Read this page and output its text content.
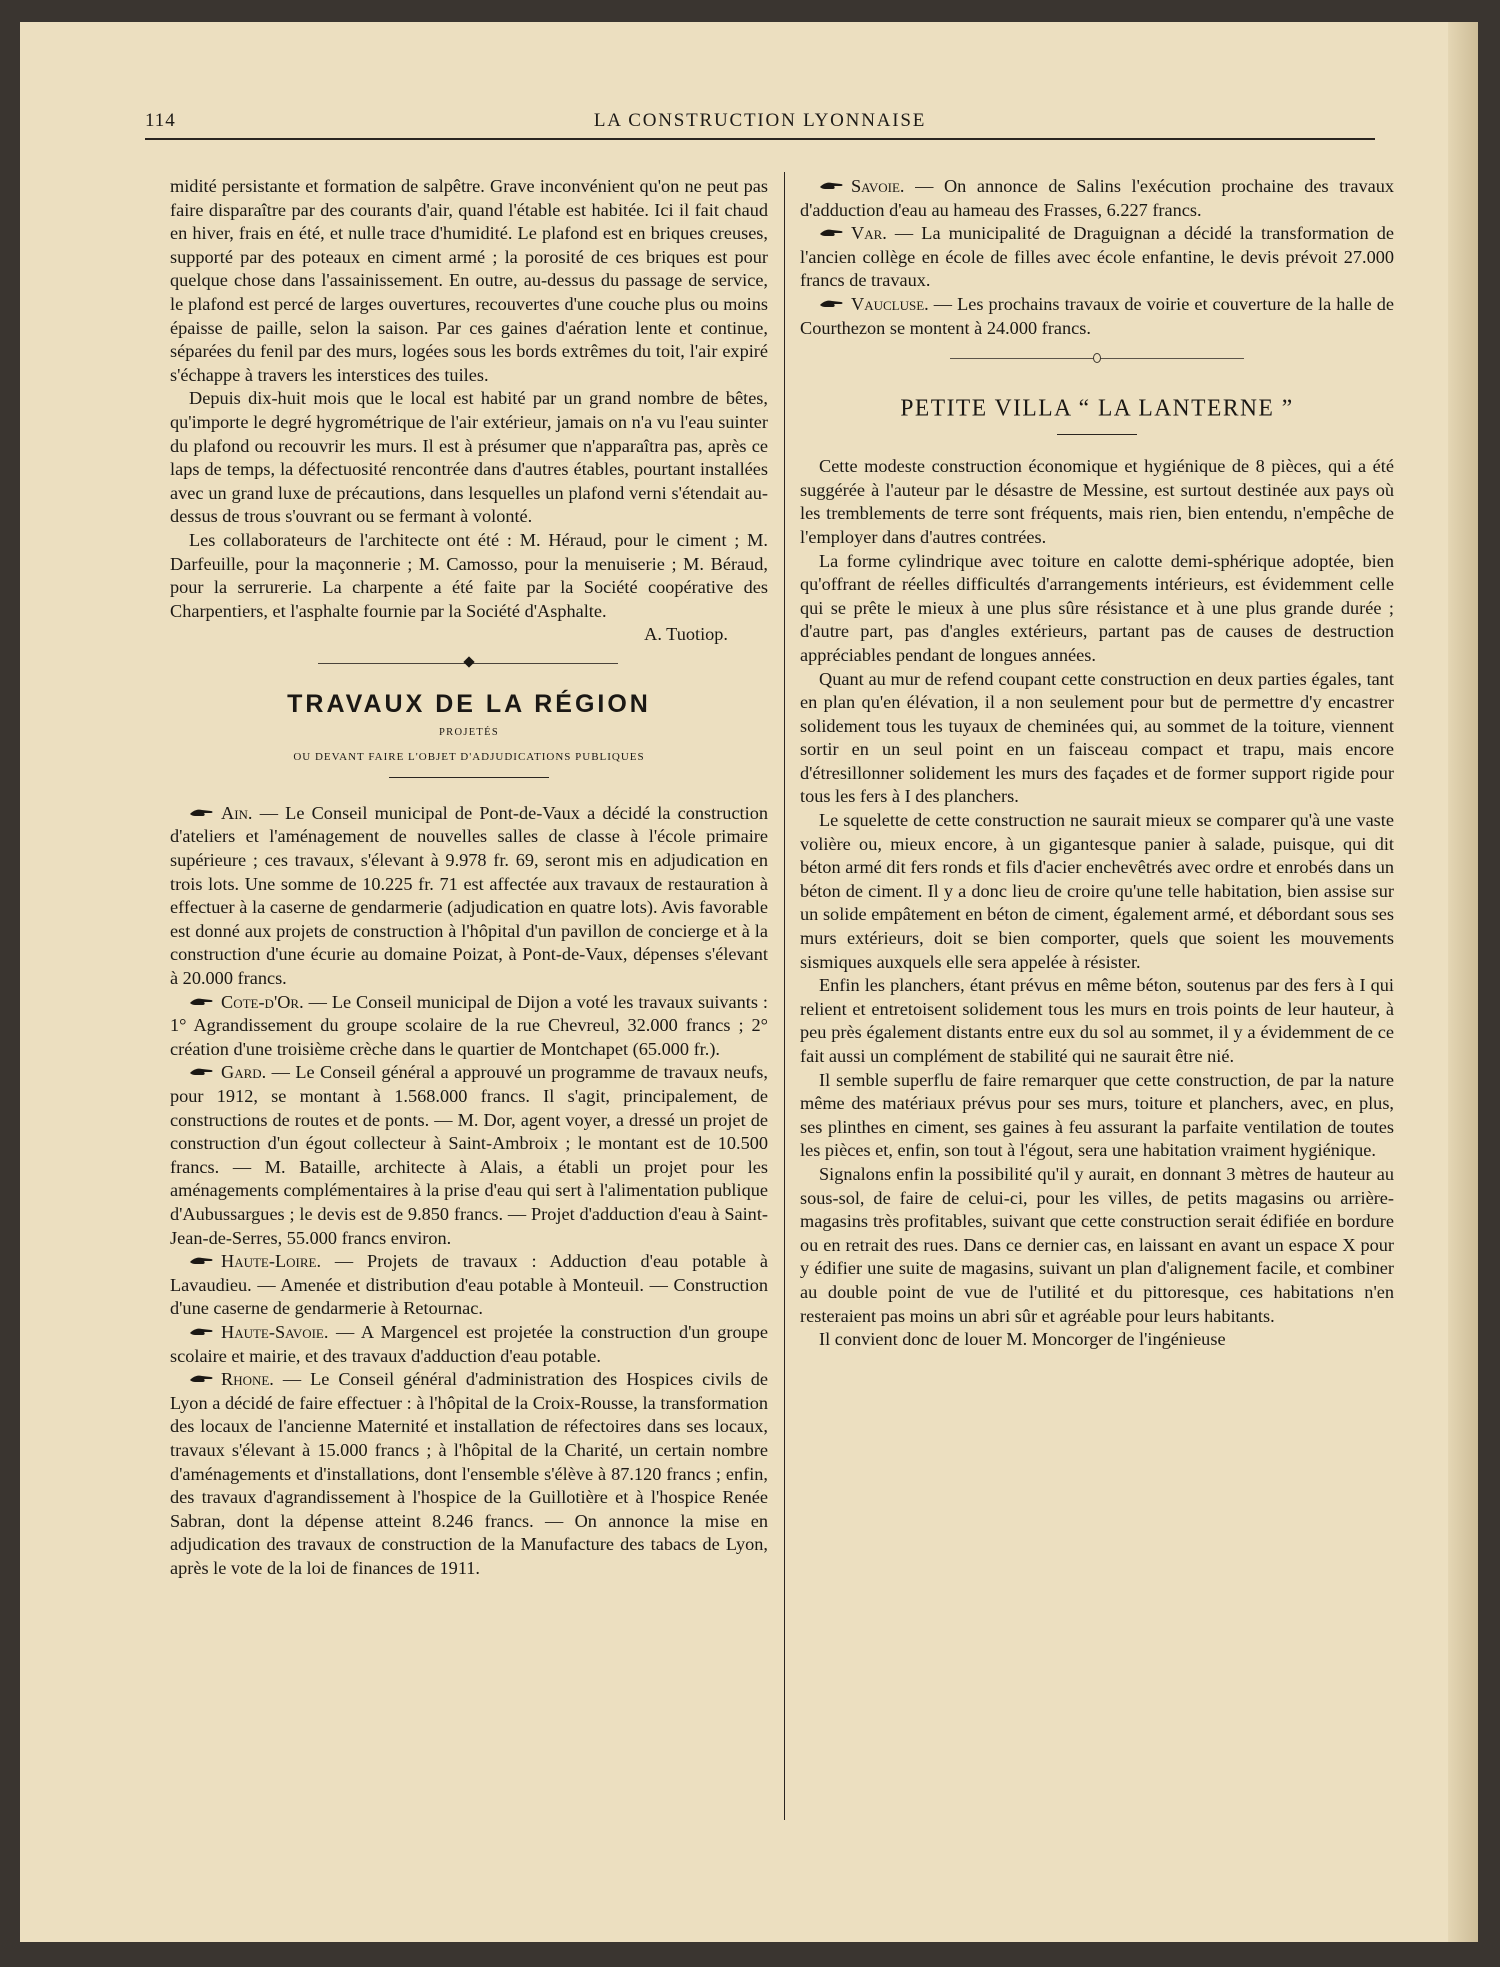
114	LA CONSTRUCTION LYONNAISE

midité persistante et formation de salpêtre. Grave inconvénient qu'on ne peut pas faire disparaître par des courants d'air, quand l'étable est habitée. Ici il fait chaud en hiver, frais en été, et nulle trace d'humidité. Le plafond est en briques creuses, supporté par des poteaux en ciment armé ; la porosité de ces briques est pour quelque chose dans l'assainissement. En outre, au-dessus du passage de service, le plafond est percé de larges ouvertures, recouvertes d'une couche plus ou moins épaisse de paille, selon la saison. Par ces gaines d'aération lente et continue, séparées du fenil par des murs, logées sous les bords extrêmes du toit, l'air expiré s'échappe à travers les interstices des tuiles.

Depuis dix-huit mois que le local est habité par un grand nombre de bêtes, qu'importe le degré hygrométrique de l'air extérieur, jamais on n'a vu l'eau suinter du plafond ou recouvrir les murs. Il est à présumer que n'apparaîtra pas, après ce laps de temps, la défectuosité rencontrée dans d'autres étables, pourtant installées avec un grand luxe de précautions, dans lesquelles un plafond verni s'étendait au-dessus de trous s'ouvrant ou se fermant à volonté.

Les collaborateurs de l'architecte ont été : M. Héraud, pour le ciment ; M. Darfeuille, pour la maçonnerie ; M. Camosso, pour la menuiserie ; M. Béraud, pour la serrurerie. La charpente a été faite par la Société coopérative des Charpentiers, et l'asphalte fournie par la Société d'Asphalte.

A. Tuotiop.

TRAVAUX DE LA RÉGION
PROJETÉS
OU DEVANT FAIRE L'OBJET D'ADJUDICATIONS PUBLIQUES

Ain. — Le Conseil municipal de Pont-de-Vaux a décidé la construction d'ateliers et l'aménagement de nouvelles salles de classe à l'école primaire supérieure ; ces travaux, s'élevant à 9.978 fr. 69, seront mis en adjudication en trois lots. Une somme de 10.225 fr. 71 est affectée aux travaux de restauration à effectuer à la caserne de gendarmerie (adjudication en quatre lots). Avis favorable est donné aux projets de construction à l'hôpital d'un pavillon de concierge et à la construction d'une écurie au domaine Poizat, à Pont-de-Vaux, dépenses s'élevant à 20.000 francs.

Cote-d'Or. — Le Conseil municipal de Dijon a voté les travaux suivants : 1° Agrandissement du groupe scolaire de la rue Chevreul, 32.000 francs ; 2° création d'une troisième crèche dans le quartier de Montchapet (65.000 fr.).

Gard. — Le Conseil général a approuvé un programme de travaux neufs, pour 1912, se montant à 1.568.000 francs. Il s'agit, principalement, de constructions de routes et de ponts. — M. Dor, agent voyer, a dressé un projet de construction d'un égout collecteur à Saint-Ambroix ; le montant est de 10.500 francs. — M. Bataille, architecte à Alais, a établi un projet pour les aménagements complémentaires à la prise d'eau qui sert à l'alimentation publique d'Aubussargues ; le devis est de 9.850 francs. — Projet d'adduction d'eau à Saint-Jean-de-Serres, 55.000 francs environ.

Haute-Loire. — Projets de travaux : Adduction d'eau potable à Lavaudieu. — Amenée et distribution d'eau potable à Monteuil. — Construction d'une caserne de gendarmerie à Retournac.

Haute-Savoie. — A Margencel est projetée la construction d'un groupe scolaire et mairie, et des travaux d'adduction d'eau potable.

Rhone. — Le Conseil général d'administration des Hospices civils de Lyon a décidé de faire effectuer : à l'hôpital de la Croix-Rousse, la transformation des locaux de l'ancienne Maternité et installation de réfectoires dans ses locaux, travaux s'élevant à 15.000 francs ; à l'hôpital de la Charité, un certain nombre d'aménagements et d'installations, dont l'ensemble s'élève à 87.120 francs ; enfin, des travaux d'agrandissement à l'hospice de la Guillotière et à l'hospice Renée Sabran, dont la dépense atteint 8.246 francs. — On annonce la mise en adjudication des travaux de construction de la Manufacture des tabacs de Lyon, après le vote de la loi de finances de 1911.

Savoie. — On annonce de Salins l'exécution prochaine des travaux d'adduction d'eau au hameau des Frasses, 6.227 francs.

Var. — La municipalité de Draguignan a décidé la transformation de l'ancien collège en école de filles avec école enfantine, le devis prévoit 27.000 francs de travaux.

Vaucluse. — Les prochains travaux de voirie et couverture de la halle de Courthezon se montent à 24.000 francs.

PETITE VILLA “ LA LANTERNE ”

Cette modeste construction économique et hygiénique de 8 pièces, qui a été suggérée à l'auteur par le désastre de Messine, est surtout destinée aux pays où les tremblements de terre sont fréquents, mais rien, bien entendu, n'empêche de l'employer dans d'autres contrées.

La forme cylindrique avec toiture en calotte demi-sphérique adoptée, bien qu'offrant de réelles difficultés d'arrangements intérieurs, est évidemment celle qui se prête le mieux à une plus sûre résistance et à une plus grande durée ; d'autre part, pas d'angles extérieurs, partant pas de causes de destruction appréciables pendant de longues années.

Quant au mur de refend coupant cette construction en deux parties égales, tant en plan qu'en élévation, il a non seulement pour but de permettre d'y encastrer solidement tous les tuyaux de cheminées qui, au sommet de la toiture, viennent sortir en un seul point en un faisceau compact et trapu, mais encore d'étresillonner solidement les murs des façades et de former support rigide pour tous les fers à I des planchers.

Le squelette de cette construction ne saurait mieux se comparer qu'à une vaste volière ou, mieux encore, à un gigantesque panier à salade, puisque, qui dit béton armé dit fers ronds et fils d'acier enchevêtrés avec ordre et enrobés dans un béton de ciment. Il y a donc lieu de croire qu'une telle habitation, bien assise sur un solide empâtement en béton de ciment, également armé, et débordant sous ses murs extérieurs, doit se bien comporter, quels que soient les mouvements sismiques auxquels elle sera appelée à résister.

Enfin les planchers, étant prévus en même béton, soutenus par des fers à I qui relient et entretoisent solidement tous les murs en trois points de leur hauteur, à peu près également distants entre eux du sol au sommet, il y a évidemment de ce fait aussi un complément de stabilité qui ne saurait être nié.

Il semble superflu de faire remarquer que cette construction, de par la nature même des matériaux prévus pour ses murs, toiture et planchers, avec, en plus, ses plinthes en ciment, ses gaines à feu assurant la parfaite ventilation de toutes les pièces et, enfin, son tout à l'égout, sera une habitation vraiment hygiénique.

Signalons enfin la possibilité qu'il y aurait, en donnant 3 mètres de hauteur au sous-sol, de faire de celui-ci, pour les villes, de petits magasins ou arrière-magasins très profitables, suivant que cette construction serait édifiée en bordure ou en retrait des rues. Dans ce dernier cas, en laissant en avant un espace X pour y édifier une suite de magasins, suivant un plan d'alignement facile, et combiner au double point de vue de l'utilité et du pittoresque, ces habitations n'en resteraient pas moins un abri sûr et agréable pour leurs habitants.

Il convient donc de louer M. Moncorger de l'ingénieuse
